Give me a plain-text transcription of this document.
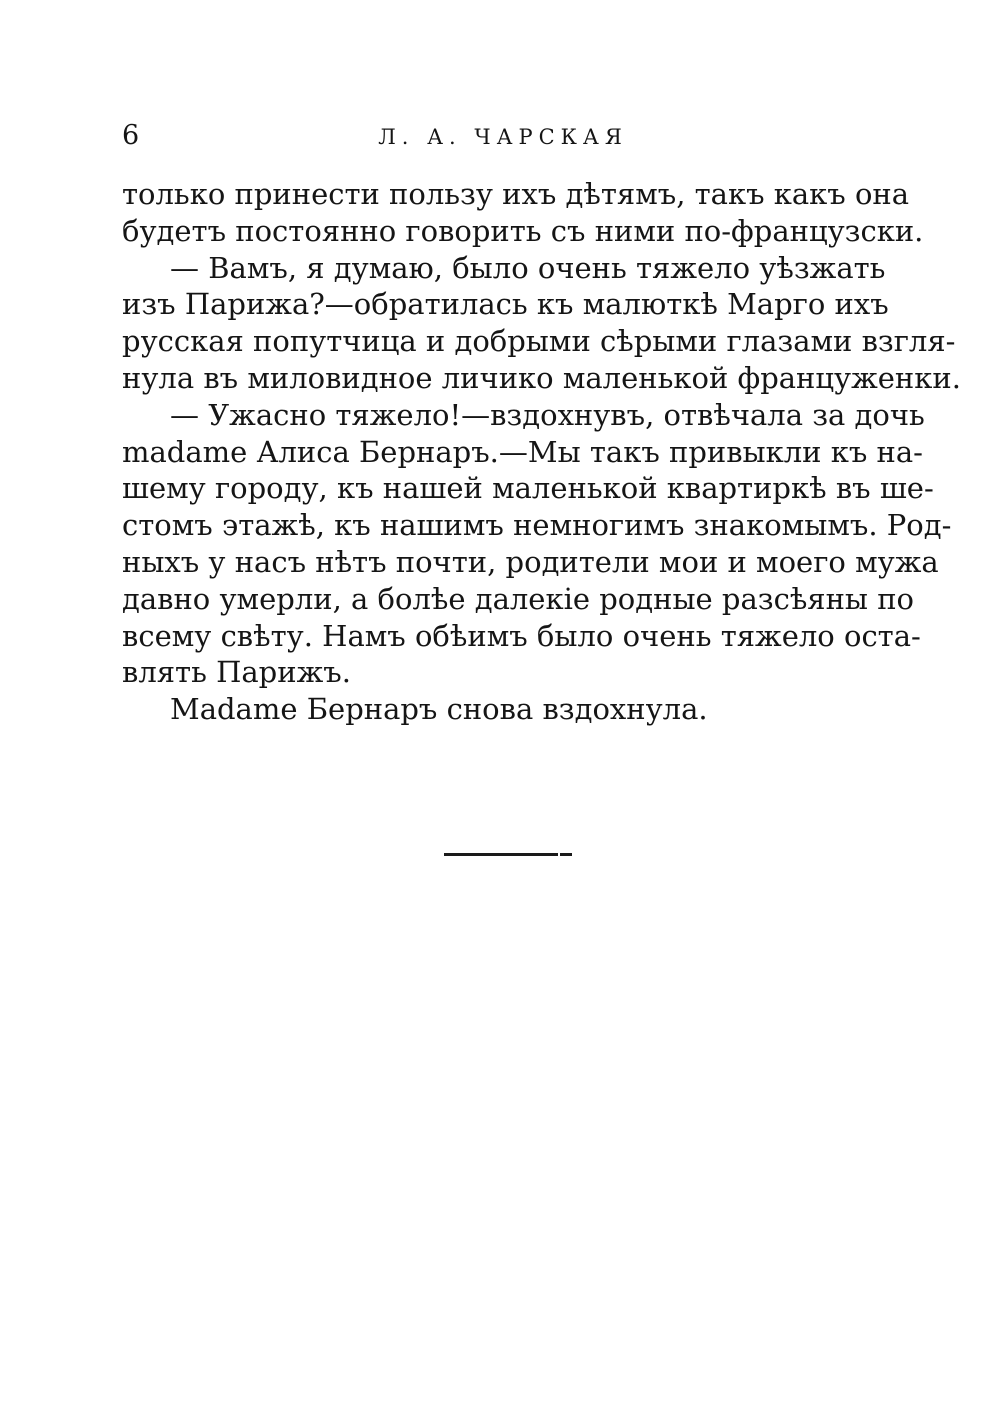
6	Л. А. ЧАРСКАЯ
только принести пользу ихъ дѣтямъ, такъ какъ она
будетъ постоянно говорить съ ними по-французски.
— Вамъ, я думаю, было очень тяжело уѣзжать
изъ Парижа?—обратилась къ малюткѣ Марго ихъ
русская попутчица и добрыми сѣрыми глазами взгля-
нула въ миловидное личико маленькой француженки.
— Ужасно тяжело!—вздохнувъ, отвѣчала за дочь
madame Алиса Бернаръ.—Мы такъ привыкли къ на-
шему городу, къ нашей маленькой квартиркѣ въ ше-
стомъ этажѣ, къ нашимъ немногимъ знакомымъ. Род-
ныхъ у насъ нѣтъ почти, родители мои и моего мужа
давно умерли, а болѣе далекіе родные разсѣяны по
всему свѣту. Намъ обѣимъ было очень тяжело оста-
влять Парижъ.
Madame Бернаръ снова вздохнула.
